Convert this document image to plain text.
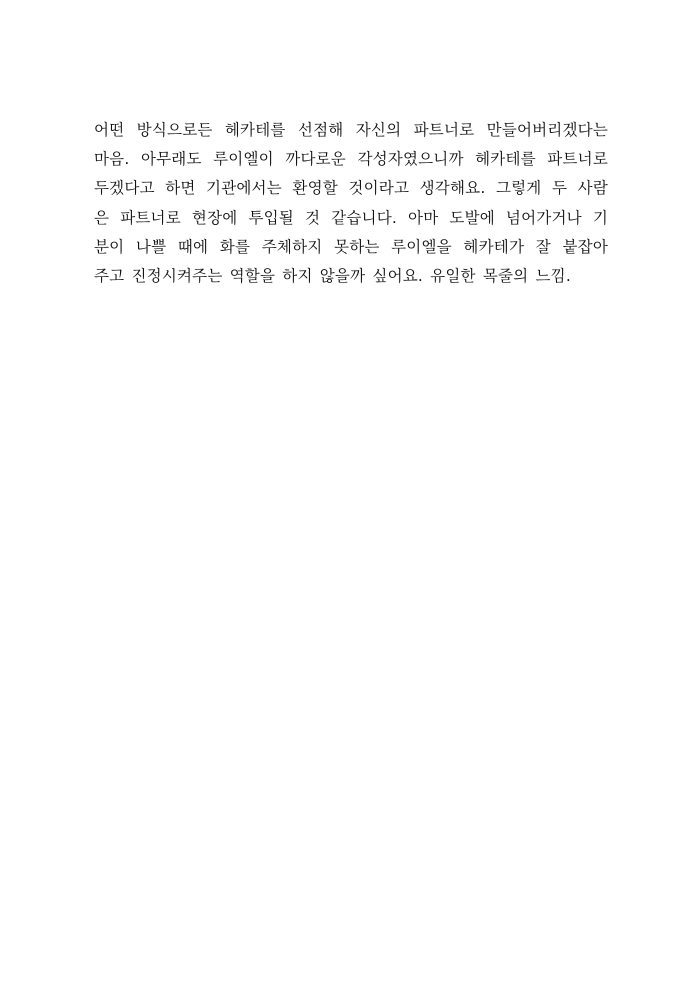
어떤 방식으로든 헤카테를 선점해 자신의 파트너로 만들어버리겠다는
마음. 아무래도 루이엘이 까다로운 각성자였으니까 헤카테를 파트너로
두겠다고 하면 기관에서는 환영할 것이라고 생각해요. 그렇게 두 사람
은 파트너로 현장에 투입될 것 같습니다. 아마 도발에 넘어가거나 기
분이 나쁠 때에 화를 주체하지 못하는 루이엘을 헤카테가 잘 붙잡아
주고 진정시켜주는 역할을 하지 않을까 싶어요. 유일한 목줄의 느낌.
